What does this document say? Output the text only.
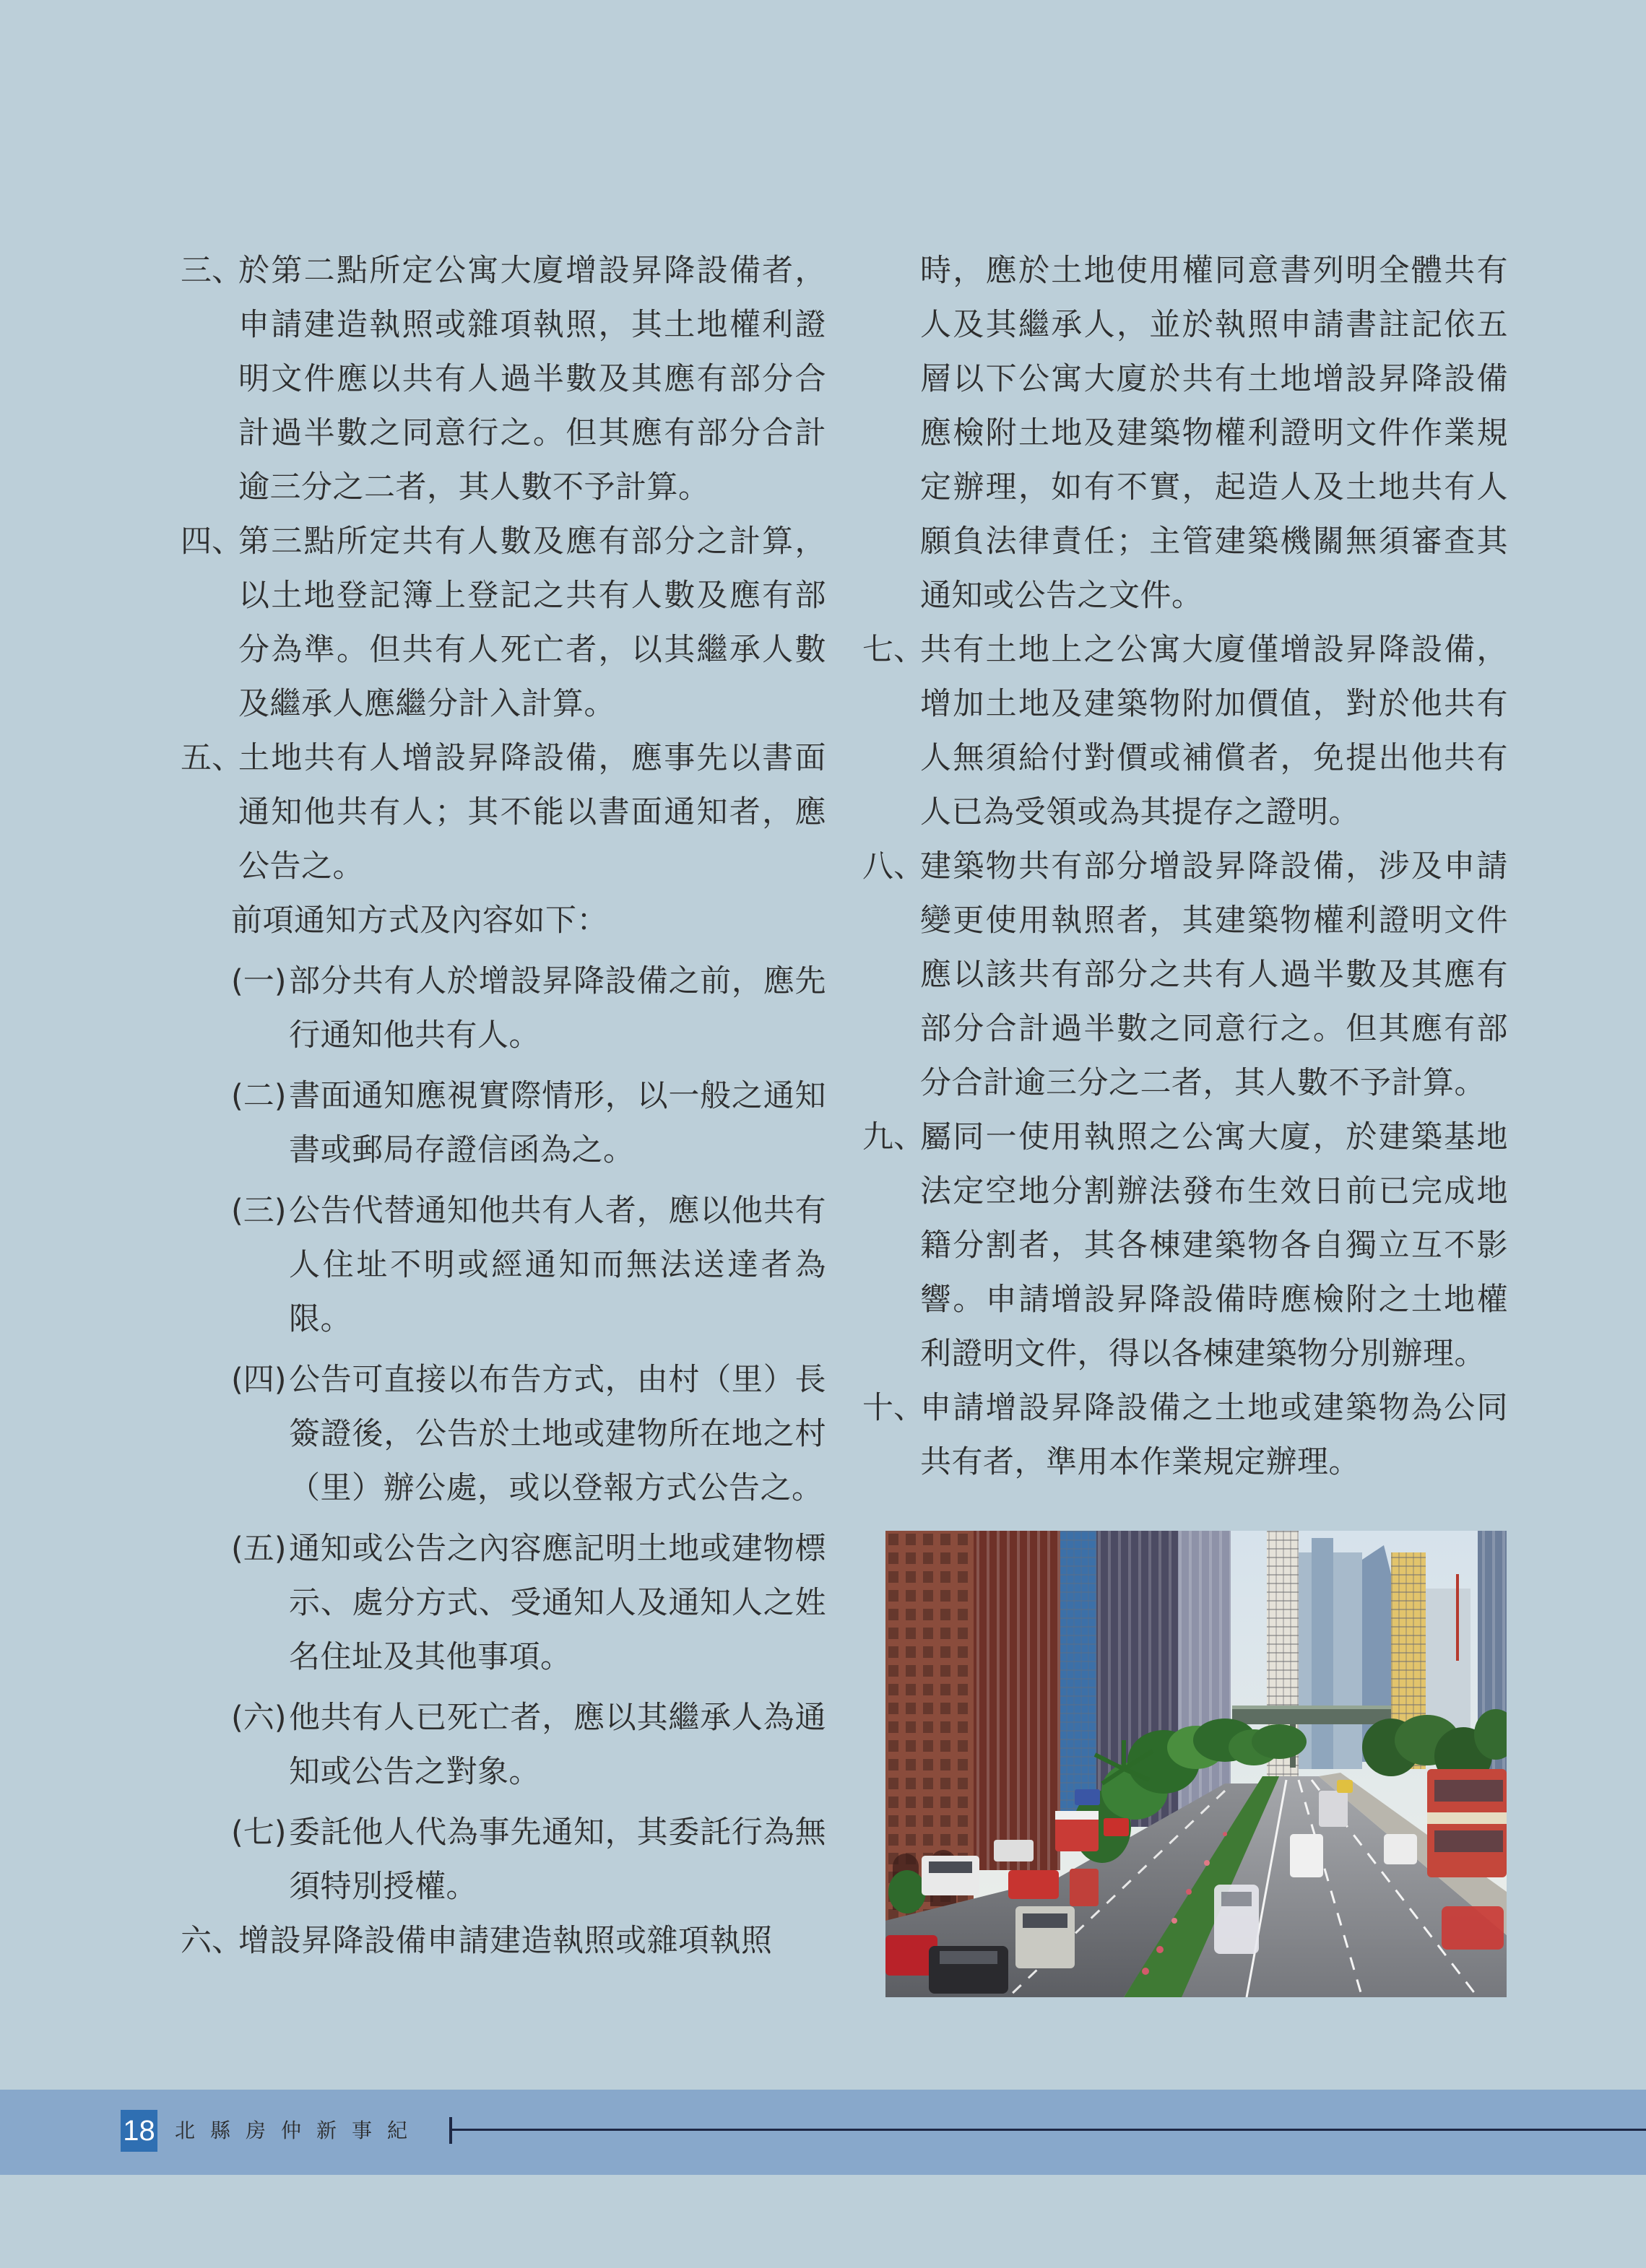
三、
於第二點所定公寓大廈增設昇降設備者，
申請建造執照或雜項執照，其土地權利證
明文件應以共有人過半數及其應有部分合
計過半數之同意行之。但其應有部分合計
逾三分之二者，其人數不予計算。
四、
第三點所定共有人數及應有部分之計算，
以土地登記簿上登記之共有人數及應有部
分為準。但共有人死亡者，以其繼承人數
及繼承人應繼分計入計算。
五、
土地共有人增設昇降設備，應事先以書面
通知他共有人；其不能以書面通知者，應
公告之。
前項通知方式及內容如下：
(一) 部分共有人於增設昇降設備之前，應先
行通知他共有人。
(二) 書面通知應視實際情形，以一般之通知
書或郵局存證信函為之。
(三) 公告代替通知他共有人者，應以他共有
人住址不明或經通知而無法送達者為
限。
(四) 公告可直接以布告方式，由村（里）長
簽證後，公告於土地或建物所在地之村
（里）辦公處，或以登報方式公告之。
(五) 通知或公告之內容應記明土地或建物標
示、處分方式、受通知人及通知人之姓
名住址及其他事項。
(六) 他共有人已死亡者，應以其繼承人為通
知或公告之對象。
(七) 委託他人代為事先通知，其委託行為無
須特別授權。
六、
增設昇降設備申請建造執照或雜項執照
時，應於土地使用權同意書列明全體共有
人及其繼承人，並於執照申請書註記依五
層以下公寓大廈於共有土地增設昇降設備
應檢附土地及建築物權利證明文件作業規
定辦理，如有不實，起造人及土地共有人
願負法律責任；主管建築機關無須審查其
通知或公告之文件。
七、
共有土地上之公寓大廈僅增設昇降設備，
增加土地及建築物附加價值，對於他共有
人無須給付對價或補償者，免提出他共有
人已為受領或為其提存之證明。
八、
建築物共有部分增設昇降設備，涉及申請
變更使用執照者，其建築物權利證明文件
應以該共有部分之共有人過半數及其應有
部分合計過半數之同意行之。但其應有部
分合計逾三分之二者，其人數不予計算。
九、
屬同一使用執照之公寓大廈，於建築基地
法定空地分割辦法發布生效日前已完成地
籍分割者，其各棟建築物各自獨立互不影
響。申請增設昇降設備時應檢附之土地權
利證明文件，得以各棟建築物分別辦理。
十、
申請增設昇降設備之土地或建築物為公同
共有者，準用本作業規定辦理。
18 北縣房仲新事紀
